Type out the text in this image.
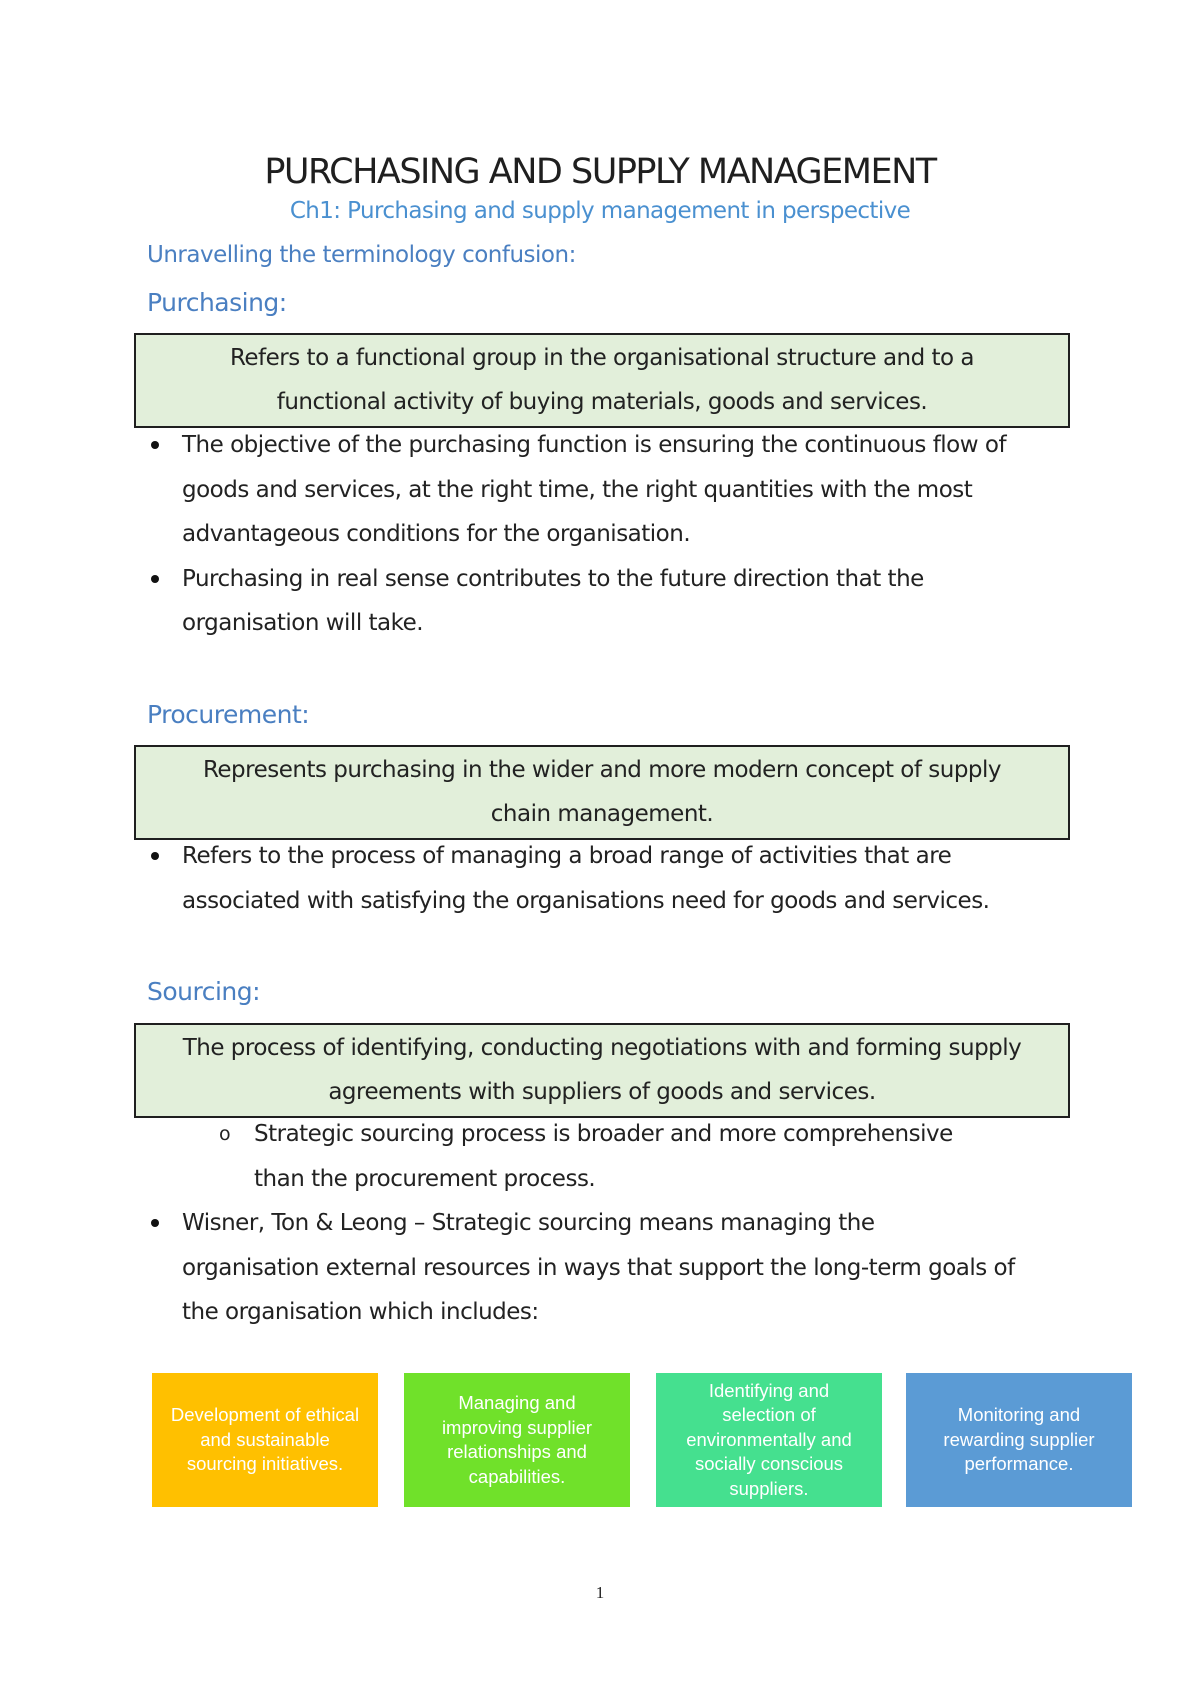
PURCHASING AND SUPPLY MANAGEMENT
Ch1: Purchasing and supply management in perspective
Unravelling the terminology confusion:
Purchasing:
Refers to a functional group in the organisational structure and to a
functional activity of buying materials, goods and services.
The objective of the purchasing function is ensuring the continuous flow of
goods and services, at the right time, the right quantities with the most
advantageous conditions for the organisation.
Purchasing in real sense contributes to the future direction that the
organisation will take.
Procurement:
Represents purchasing in the wider and more modern concept of supply
chain management.
Refers to the process of managing a broad range of activities that are
associated with satisfying the organisations need for goods and services.
Sourcing:
The process of identifying, conducting negotiations with and forming supply
agreements with suppliers of goods and services.
o Strategic sourcing process is broader and more comprehensive
than the procurement process.
Wisner, Ton & Leong – Strategic sourcing means managing the
organisation external resources in ways that support the long-term goals of
the organisation which includes:
Development of ethical
and sustainable
sourcing initiatives.
Managing and
improving supplier
relationships and
capabilities.
Identifying and
selection of
environmentally and
socially conscious
suppliers.
Monitoring and
rewarding supplier
performance.
1
